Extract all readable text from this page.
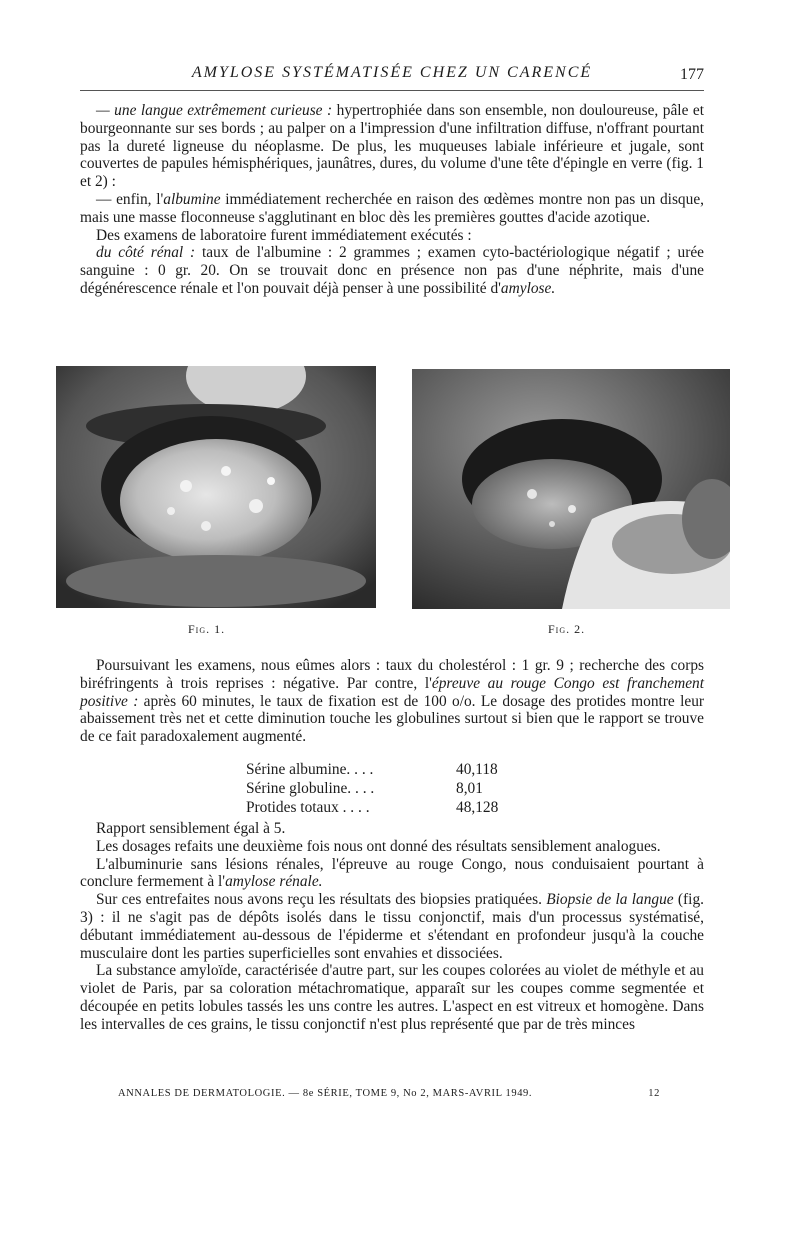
AMYLOSE SYSTÉMATISÉE CHEZ UN CARENCÉ	177

— une langue extrêmement curieuse : hypertrophiée dans son ensemble, non douloureuse, pâle et bourgeonnante sur ses bords ; au palper on a l'impression d'une infiltration diffuse, n'offrant pourtant pas la dureté ligneuse du néoplasme. De plus, les muqueuses labiale inférieure et jugale, sont couvertes de papules hémisphériques, jaunâtres, dures, du volume d'une tête d'épingle en verre (fig. 1 et 2) :

— enfin, l'albumine immédiatement recherchée en raison des œdèmes montre non pas un disque, mais une masse floconneuse s'agglutinant en bloc dès les premières gouttes d'acide azotique.

Des examens de laboratoire furent immédiatement exécutés :

du côté rénal : taux de l'albumine : 2 grammes ; examen cyto-bactériologique négatif ; urée sanguine : 0 gr. 20. On se trouvait donc en présence non pas d'une néphrite, mais d'une dégénérescence rénale et l'on pouvait déjà penser à une possibilité d'amylose.

Fig. 1.	Fig. 2.

Poursuivant les examens, nous eûmes alors : taux du cholestérol : 1 gr. 9 ; recherche des corps biréfringents à trois reprises : négative. Par contre, l'épreuve au rouge Congo est franchement positive : après 60 minutes, le taux de fixation est de 100 o/o. Le dosage des protides montre leur abaissement très net et cette diminution touche les globulines surtout si bien que le rapport se trouve de ce fait paradoxalement augmenté.

Sérine albumine. . . .	40,118
Sérine globuline. . . .	8,01
Protides totaux . . . .	48,128

Rapport sensiblement égal à 5.

Les dosages refaits une deuxième fois nous ont donné des résultats sensiblement analogues.

L'albuminurie sans lésions rénales, l'épreuve au rouge Congo, nous conduisaient pourtant à conclure fermement à l'amylose rénale.

Sur ces entrefaites nous avons reçu les résultats des biopsies pratiquées. Biopsie de la langue (fig. 3) : il ne s'agit pas de dépôts isolés dans le tissu conjonctif, mais d'un processus systématisé, débutant immédiatement au-dessous de l'épiderme et s'étendant en profondeur jusqu'à la couche musculaire dont les parties superficielles sont envahies et dissociées.

La substance amyloïde, caractérisée d'autre part, sur les coupes colorées au violet de méthyle et au violet de Paris, par sa coloration métachromatique, apparaît sur les coupes comme segmentée et découpée en petits lobules tassés les uns contre les autres. L'aspect en est vitreux et homogène. Dans les intervalles de ces grains, le tissu conjonctif n'est plus représenté que par de très minces

ANNALES DE DERMATOLOGIE. — 8e SÉRIE, TOME 9, No 2, MARS-AVRIL 1949.	12
